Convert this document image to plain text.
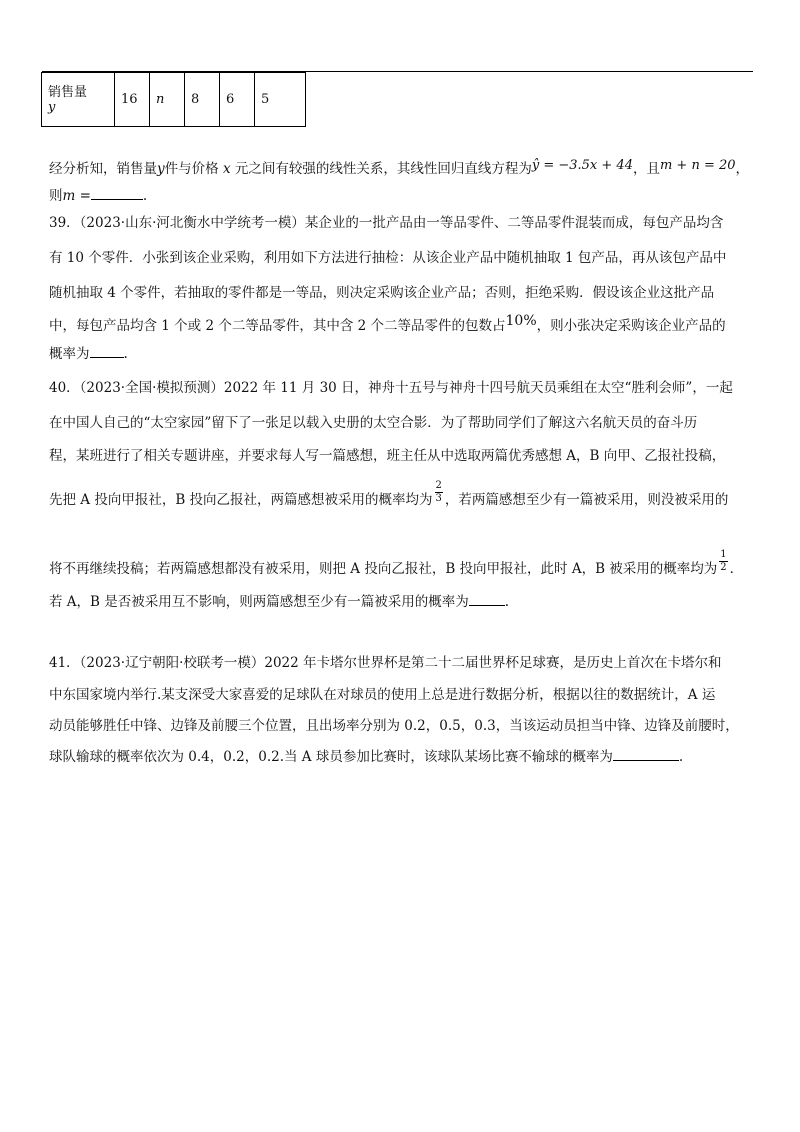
销售量
y	16	n	8	6	5
经分析知，销售量y件与价格 x 元之间有较强的线性关系，其线性回归直线方程为ŷ = −3.5x + 44，且m + n = 20，
则m =	.
39．（2023·山东·河北衡水中学统考一模）某企业的一批产品由一等品零件、二等品零件混装而成，每包产品均含
有 10 个零件．小张到该企业采购，利用如下方法进行抽检：从该企业产品中随机抽取 1 包产品，再从该包产品中
随机抽取 4 个零件，若抽取的零件都是一等品，则决定采购该企业产品；否则，拒绝采购．假设该企业这批产品
中，每包产品均含 1 个或 2 个二等品零件，其中含 2 个二等品零件的包数占10%，则小张决定采购该企业产品的
概率为	.
40．（2023·全国·模拟预测）2022 年 11 月 30 日，神舟十五号与神舟十四号航天员乘组在太空“胜利会师”，一起
在中国人自己的“太空家园”留下了一张足以载入史册的太空合影．为了帮助同学们了解这六名航天员的奋斗历
程，某班进行了相关专题讲座，并要求每人写一篇感想，班主任从中选取两篇优秀感想 A，B 向甲、乙报社投稿，
先把 A 投向甲报社，B 投向乙报社，两篇感想被采用的概率均为 $\frac{2}{3}$ ，若两篇感想至少有一篇被采用，则没被采用的
将不再继续投稿；若两篇感想都没有被采用，则把 A 投向乙报社，B 投向甲报社，此时 A，B 被采用的概率均为 $\frac{1}{2}$ ．
若 A，B 是否被采用互不影响，则两篇感想至少有一篇被采用的概率为	.
41．（2023·辽宁朝阳·校联考一模）2022 年卡塔尔世界杯是第二十二届世界杯足球赛，是历史上首次在卡塔尔和
中东国家境内举行.某支深受大家喜爱的足球队在对球员的使用上总是进行数据分析，根据以往的数据统计，A 运
动员能够胜任中锋、边锋及前腰三个位置，且出场率分别为 0.2，0.5，0.3，当该运动员担当中锋、边锋及前腰时，
球队输球的概率依次为 0.4，0.2，0.2.当 A 球员参加比赛时，该球队某场比赛不输球的概率为	.
